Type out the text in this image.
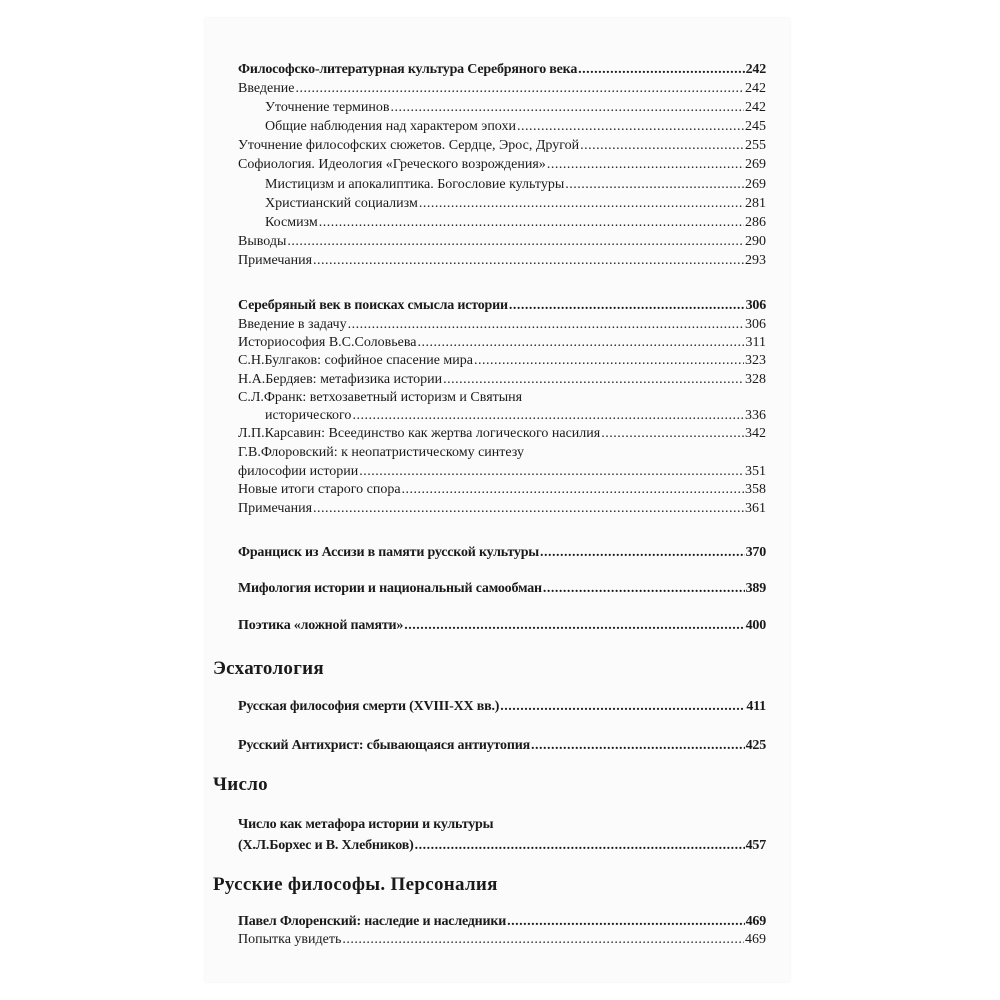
Философско-литературная культура Серебряного века .....	242
Введение .....	242
Уточнение терминов .....	242
Общие наблюдения над характером эпохи .....	245
Уточнение философских сюжетов. Сердце, Эрос, Другой .....	255
Софиология. Идеология «Греческого возрождения» .....	269
Мистицизм и апокалиптика. Богословие культуры .....	269
Христианский социализм .....	281
Космизм .....	286
Выводы .....	290
Примечания .....	293
Серебряный век в поисках смысла истории .....	306
Введение в задачу .....	306
Историософия В.С.Соловьева .....	311
С.Н.Булгаков: софийное спасение мира .....	323
Н.А.Бердяев: метафизика истории .....	328
С.Л.Франк: ветхозаветный историзм и Святыня
исторического .....	336
Л.П.Карсавин: Всеединство как жертва логического насилия .....	342
Г.В.Флоровский: к неопатристическому синтезу
философии истории .....	351
Новые итоги старого спора .....	358
Примечания .....	361
Франциск из Ассизи в памяти русской культуры .....	370
Мифология истории и национальный самообман .....	389
Поэтика «ложной памяти» .....	400
Эсхатология
Русская философия смерти (XVIII-XX вв.) .....	411
Русский Антихрист: сбывающаяся антиутопия .....	425
Число
Число как метафора истории и культуры
(Х.Л.Борхес и В. Хлебников) .....	457
Русские философы. Персоналия
Павел Флоренский: наследие и наследники .....	469
Попытка увидеть .....	469
